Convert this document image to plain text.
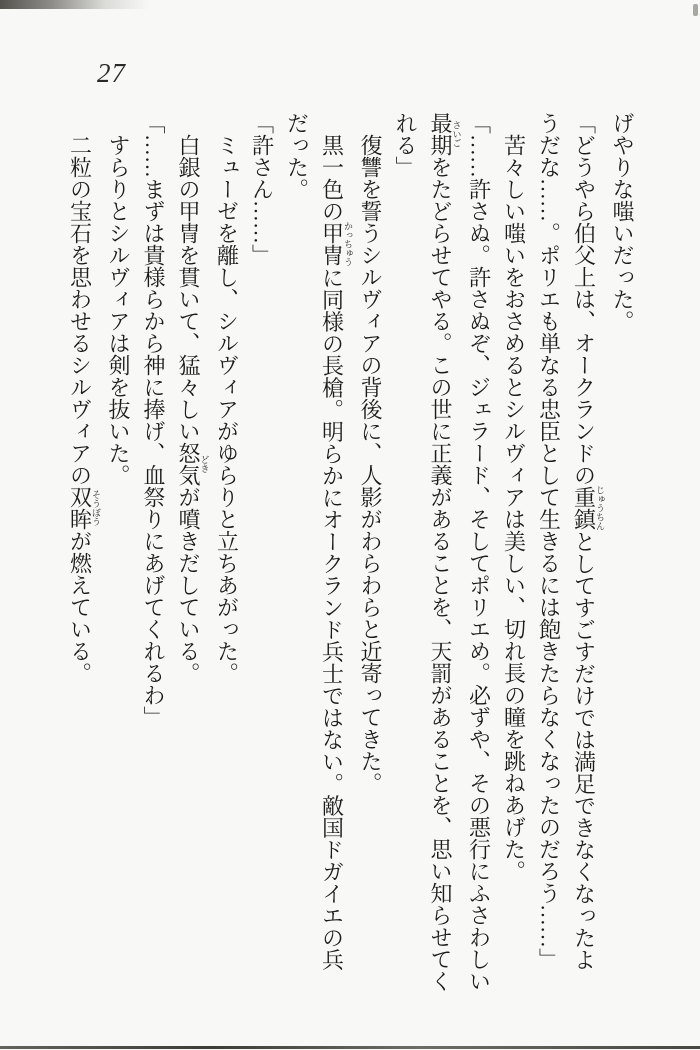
27

げやりな嗤いだった。

「どうやら伯父上は、オークランドの重鎮じゅうちんとしてすごすだけでは満足できなくなったよ

うだな……。ポリエも単なる忠臣として生きるには飽きたらなくなったのだろう……」

苦々しい嗤いをおさめるとシルヴィアは美しい、切れ長の瞳を跳ねあげた。

「……許さぬ。許さぬぞ、ジェラード、そしてポリエめ。必ずや、その悪行にふさわしい

最期さいごをたどらせてやる。この世に正義があることを、天罰があることを、思い知らせてく

れる」

復讐を誓うシルヴィアの背後に、人影がわらわらと近寄ってきた。

黒一色の甲冑かっちゅうに同様の長槍。明らかにオークランド兵士ではない。敵国ドガイエの兵

だった。

「許さん……」

ミューゼを離し、シルヴィアがゆらりと立ちあがった。

白銀の甲冑を貫いて、猛々しい怒気どきが噴きだしている。

「……まずは貴様らから神に捧げ、血祭りにあげてくれるわ」

すらりとシルヴィアは剣を抜いた。

二粒の宝石を思わせるシルヴィアの双眸そうぼうが燃えている。
